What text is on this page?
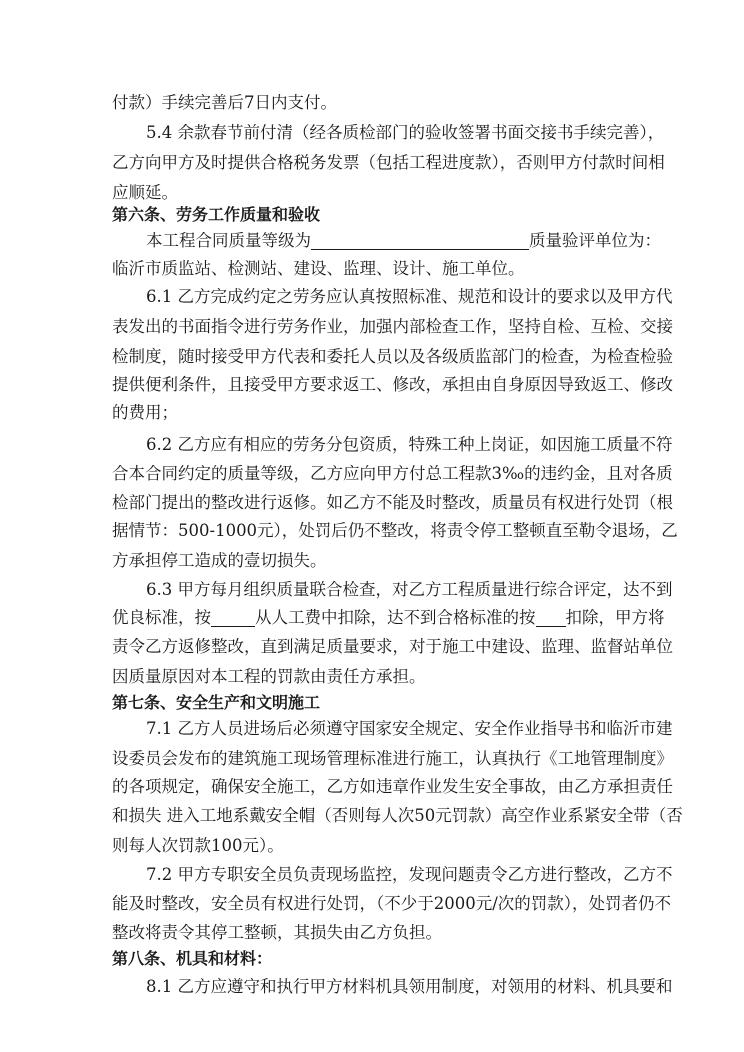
付款）手续完善后7日内支付。
5.4 余款春节前付清（经各质检部门的验收签署书面交接书手续完善），
乙方向甲方及时提供合格税务发票（包括工程进度款），否则甲方付款时间相
应顺延。
第六条、劳务工作质量和验收
本工程合同质量等级为	质量验评单位为：
临沂市质监站、检测站、建设、监理、设计、施工单位。
6.1 乙方完成约定之劳务应认真按照标准、规范和设计的要求以及甲方代
表发出的书面指令进行劳务作业，加强内部检查工作，坚持自检、互检、交接
检制度，随时接受甲方代表和委托人员以及各级质监部门的检查，为检查检验
提供便利条件，且接受甲方要求返工、修改，承担由自身原因导致返工、修改
的费用；
6.2 乙方应有相应的劳务分包资质，特殊工种上岗证，如因施工质量不符
合本合同约定的质量等级，乙方应向甲方付总工程款3‰的违约金，且对各质
检部门提出的整改进行返修。如乙方不能及时整改，质量员有权进行处罚（根
据情节：500-1000元），处罚后仍不整改，将责令停工整顿直至勒令退场，乙
方承担停工造成的壹切损失。
6.3 甲方每月组织质量联合检查，对乙方工程质量进行综合评定，达不到
优良标准，按	从人工费中扣除，达不到合格标准的按 扣除，甲方将
责令乙方返修整改，直到满足质量要求，对于施工中建设、监理、监督站单位
因质量原因对本工程的罚款由责任方承担。
第七条、安全生产和文明施工
7.1 乙方人员进场后必须遵守国家安全规定、安全作业指导书和临沂市建
设委员会发布的建筑施工现场管理标准进行施工，认真执行《工地管理制度》
的各项规定，确保安全施工，乙方如违章作业发生安全事故，由乙方承担责任
和损失 进入工地系戴安全帽（否则每人次50元罚款）高空作业系紧安全带（否
则每人次罚款100元）。
7.2 甲方专职安全员负责现场监控，发现问题责令乙方进行整改，乙方不
能及时整改，安全员有权进行处罚，（不少于2000元/次的罚款），处罚者仍不
整改将责令其停工整顿，其损失由乙方负担。
第八条、机具和材料：
8.1 乙方应遵守和执行甲方材料机具领用制度，对领用的材料、机具要和
